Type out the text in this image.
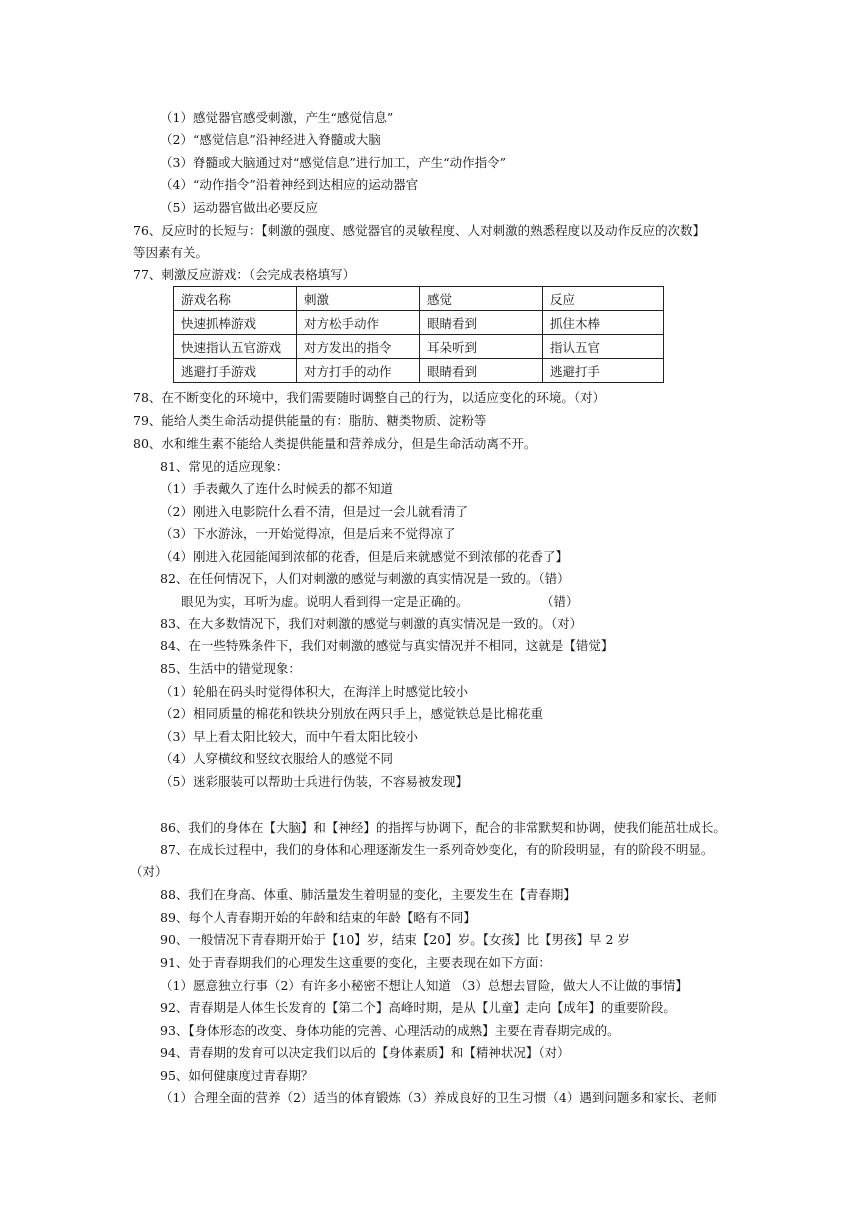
（1）感觉器官感受刺激，产生“感觉信息”
（2）“感觉信息”沿神经进入脊髓或大脑
（3）脊髓或大脑通过对“感觉信息”进行加工，产生“动作指令”
（4）“动作指令”沿着神经到达相应的运动器官
（5）运动器官做出必要反应
76、反应时的长短与：【刺激的强度、感觉器官的灵敏程度、人对刺激的熟悉程度以及动作反应的次数】
等因素有关。
77、刺激反应游戏：（会完成表格填写）
游戏名称	刺激	感觉	反应
快速抓棒游戏	对方松手动作	眼睛看到	抓住木棒
快速指认五官游戏	对方发出的指令	耳朵听到	指认五官
逃避打手游戏	对方打手的动作	眼睛看到	逃避打手
78、在不断变化的环境中，我们需要随时调整自己的行为，以适应变化的环境。（对）
79、能给人类生命活动提供能量的有：脂肪、糖类物质、淀粉等
80、水和维生素不能给人类提供能量和营养成分，但是生命活动离不开。
81、常见的适应现象：
（1）手表戴久了连什么时候丢的都不知道
（2）刚进入电影院什么看不清，但是过一会儿就看清了
（3）下水游泳，一开始觉得凉，但是后来不觉得凉了
（4）刚进入花园能闻到浓郁的花香，但是后来就感觉不到浓郁的花香了】
82、在任何情况下，人们对刺激的感觉与刺激的真实情况是一致的。（错）
眼见为实，耳听为虚。说明人看到得一定是正确的。	（错）
83、在大多数情况下，我们对刺激的感觉与刺激的真实情况是一致的。（对）
84、在一些特殊条件下，我们对刺激的感觉与真实情况并不相同，这就是【错觉】
85、生活中的错觉现象：
（1）轮船在码头时觉得体积大，在海洋上时感觉比较小
（2）相同质量的棉花和铁块分别放在两只手上，感觉铁总是比棉花重
（3）早上看太阳比较大，而中午看太阳比较小
（4）人穿横纹和竖纹衣服给人的感觉不同
（5）迷彩服装可以帮助士兵进行伪装，不容易被发现】
86、我们的身体在【大脑】和【神经】的指挥与协调下，配合的非常默契和协调，使我们能茁壮成长。
87、在成长过程中，我们的身体和心理逐渐发生一系列奇妙变化，有的阶段明显，有的阶段不明显。
（对）
88、我们在身高、体重、肺活量发生着明显的变化，主要发生在【青春期】
89、每个人青春期开始的年龄和结束的年龄【略有不同】
90、一般情况下青春期开始于【10】岁，结束【20】岁。【女孩】比【男孩】早 2 岁
91、处于青春期我们的心理发生这重要的变化，主要表现在如下方面：
（1）愿意独立行事（2）有许多小秘密不想让人知道 （3）总想去冒险，做大人不让做的事情】
92、青春期是人体生长发育的【第二个】高峰时期，是从【儿童】走向【成年】的重要阶段。
93、【身体形态的改变、身体功能的完善、心理活动的成熟】主要在青春期完成的。
94、青春期的发育可以决定我们以后的【身体素质】和【精神状况】（对）
95、如何健康度过青春期？
（1）合理全面的营养（2）适当的体育锻炼（3）养成良好的卫生习惯（4）遇到问题多和家长、老师
